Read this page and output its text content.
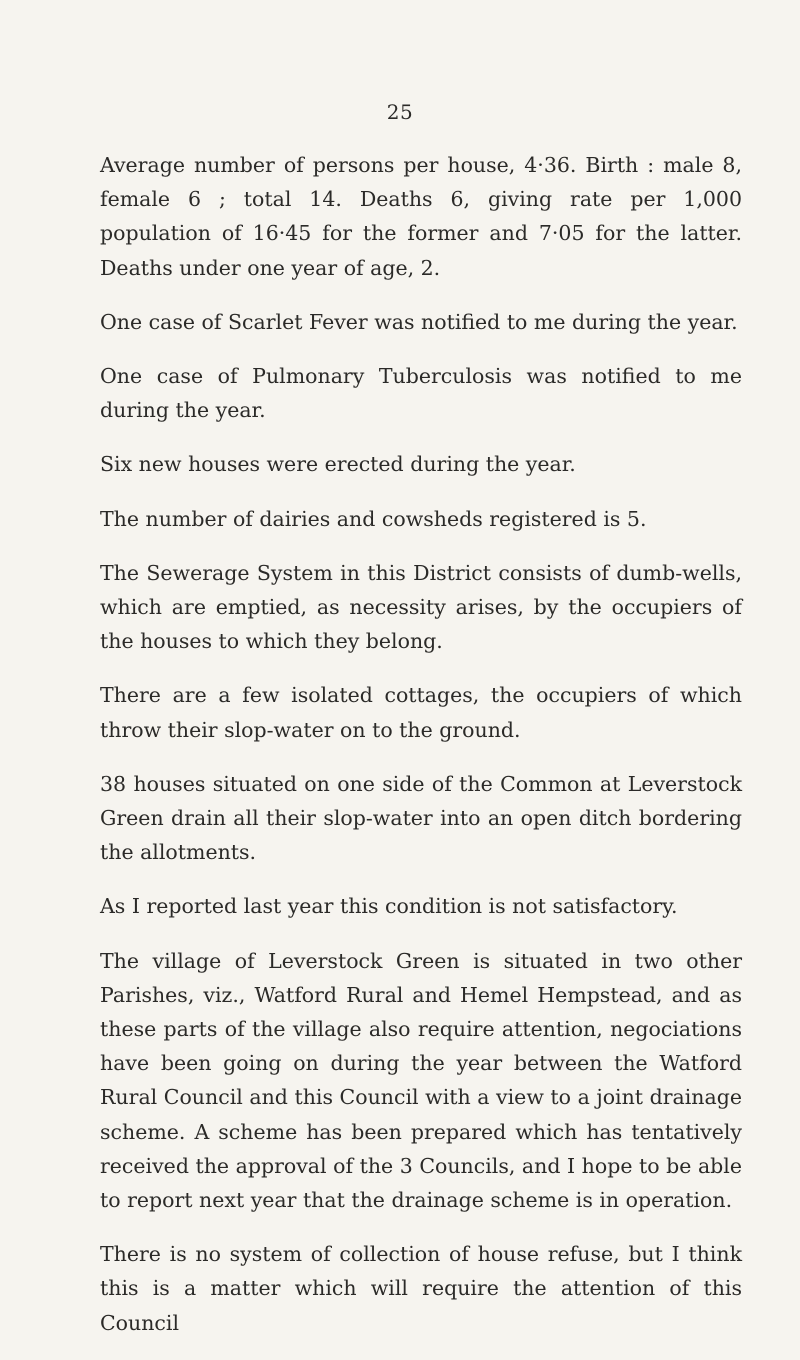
25

Average number of persons per house, 4·36. Birth : male 8, female 6 ; total 14. Deaths 6, giving rate per 1,000 population of 16·45 for the former and 7·05 for the latter. Deaths under one year of age, 2.

One case of Scarlet Fever was notified to me during the year.

One case of Pulmonary Tuberculosis was notified to me during the year.

Six new houses were erected during the year.

The number of dairies and cowsheds registered is 5.

The Sewerage System in this District consists of dumb-wells, which are emptied, as necessity arises, by the occupiers of the houses to which they belong.

There are a few isolated cottages, the occupiers of which throw their slop-water on to the ground.

38 houses situated on one side of the Common at Leverstock Green drain all their slop-water into an open ditch bordering the allotments.

As I reported last year this condition is not satisfactory.

The village of Leverstock Green is situated in two other Parishes, viz., Watford Rural and Hemel Hempstead, and as these parts of the village also require attention, negociations have been going on during the year between the Watford Rural Council and this Council with a view to a joint drainage scheme. A scheme has been prepared which has tentatively received the approval of the 3 Councils, and I hope to be able to report next year that the drainage scheme is in operation.

There is no system of collection of house refuse, but I think this is a matter which will require the attention of this Council
